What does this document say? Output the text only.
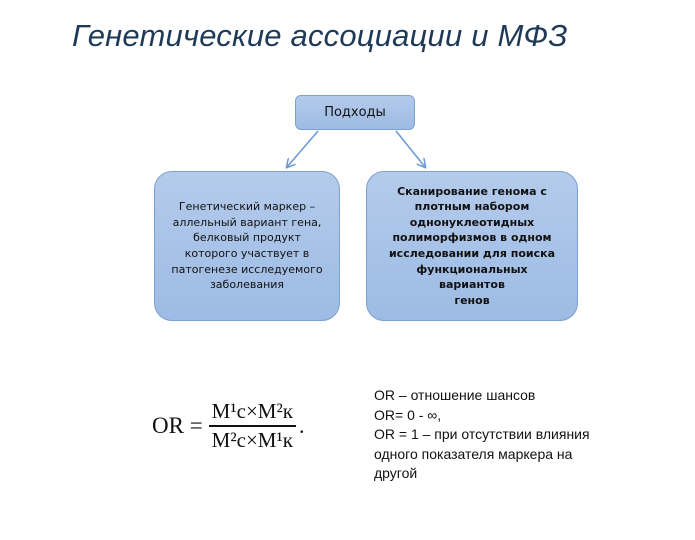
Генетические ассоциации и МФЗ
Подходы
Генетический маркер –
аллельный вариант гена,
белковый продукт
которого участвует в
патогенезе исследуемого
заболевания
Сканирование генома с
плотным набором
однонуклеотидных
полиморфизмов в одном
исследовании для поиска
функциональных вариантов
генов
OR = $\frac{\text{M¹c×M²к}}{\text{M²c×M¹к}}$ .
OR – отношение шансов
OR= 0 - ∞,
OR = 1 – при отсутствии влияния
одного показателя маркера на
другой
